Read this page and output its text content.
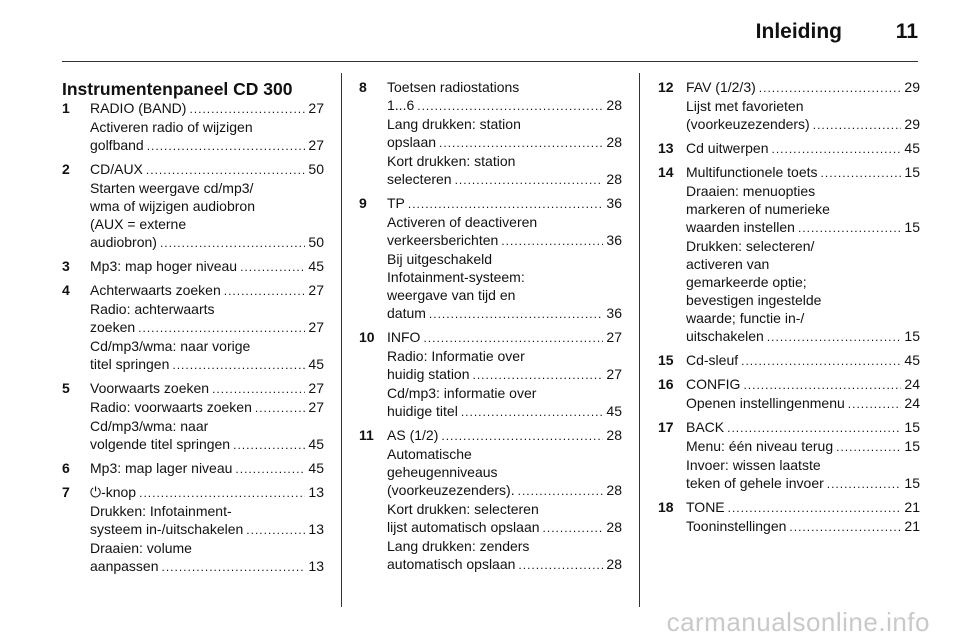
Inleiding	11
Instrumentenpaneel CD 300
1 RADIO (BAND) .....	27
Activeren radio of wijzigen
golfband .....	27
2 CD/AUX .....	50
Starten weergave cd/mp3/
wma of wijzigen audiobron
(AUX = externe
audiobron) .....	50
3 Mp3: map hoger niveau .....	45
4 Achterwaarts zoeken .....	27
Radio: achterwaarts
zoeken .....	27
Cd/mp3/wma: naar vorige
titel springen .....	45
5 Voorwaarts zoeken .....	27
Radio: voorwaarts zoeken .....	27
Cd/mp3/wma: naar
volgende titel springen .....	45
6 Mp3: map lager niveau .....	45
7 ⏻-knop .....	13
Drukken: Infotainment-
systeem in-/uitschakelen .....	13
Draaien: volume
aanpassen .....	13
8	Toetsen radiostations
1...6 .....	28
Lang drukken: station
opslaan .....	28
Kort drukken: station
selecteren .....	28
9 TP .....	36
Activeren of deactiveren
verkeersberichten .....	36
Bij uitgeschakeld
Infotainment-systeem:
weergave van tijd en
datum .....	36
10 INFO .....	27
Radio: Informatie over
huidig station .....	27
Cd/mp3: informatie over
huidige titel .....	45
11 AS (1/2) .....	28
Automatische
geheugenniveaus
(voorkeuzezenders). .....	28
Kort drukken: selecteren
lijst automatisch opslaan .....	28
Lang drukken: zenders
automatisch opslaan .....	28
12 FAV (1/2/3) .....	29
Lijst met favorieten
(voorkeuzezenders) .....	29
13 Cd uitwerpen .....	45
14 Multifunctionele toets .....	15
Draaien: menuopties
markeren of numerieke
waarden instellen .....	15
Drukken: selecteren/
activeren van
gemarkeerde optie;
bevestigen ingestelde
waarde; functie in-/
uitschakelen .....	15
15 Cd-sleuf .....	45
16 CONFIG .....	24
Openen instellingenmenu .....	24
17 BACK .....	15
Menu: één niveau terug .....	15
Invoer: wissen laatste
teken of gehele invoer .....	15
18 TONE .....	21
Tooninstellingen .....	21
carmanualsonline.info
